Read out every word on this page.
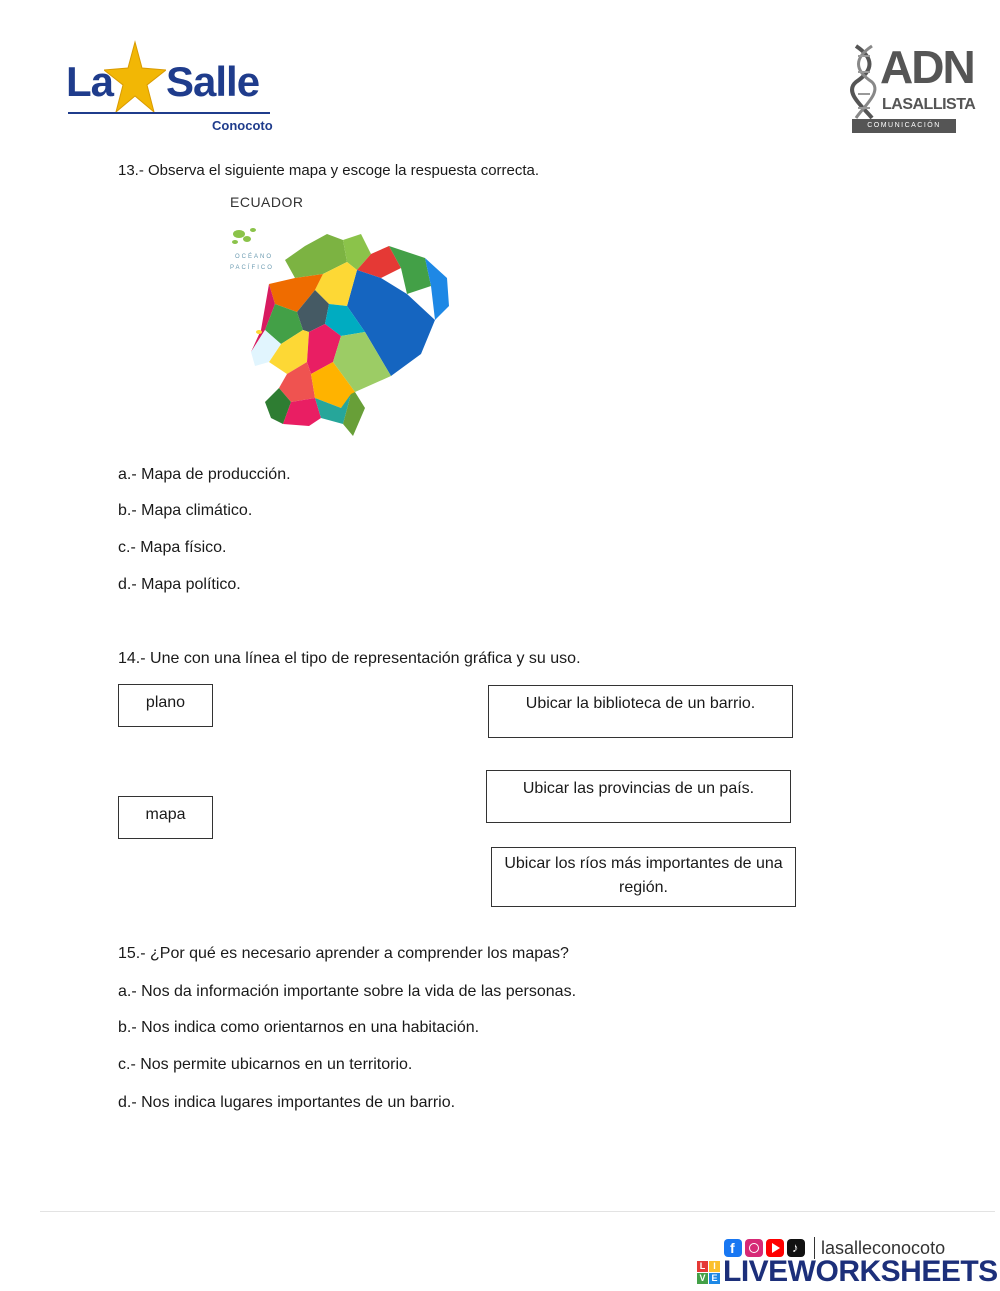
La Salle
Conocoto
ADN
LASALLISTA
COMUNICACIÓN
13.- Observa el siguiente mapa y escoge la respuesta correcta.
ECUADOR
OCÉANO
PACÍFICO
a.- Mapa de producción.
b.- Mapa climático.
c.- Mapa físico.
d.- Mapa político.
14.- Une con una línea el tipo de representación gráfica y su uso.
plano
mapa
Ubicar la biblioteca de un barrio.
Ubicar las provincias de un país.
Ubicar los ríos más importantes de una región.
15.- ¿Por qué es necesario aprender a comprender los mapas?
a.- Nos da información importante sobre la vida de las personas.
b.- Nos indica como orientarnos en una habitación.
c.- Nos permite ubicarnos en un territorio.
d.- Nos indica lugares importantes de un barrio.
f	♪ lasalleconocoto
L I
V E LIVEWORKSHEETS
